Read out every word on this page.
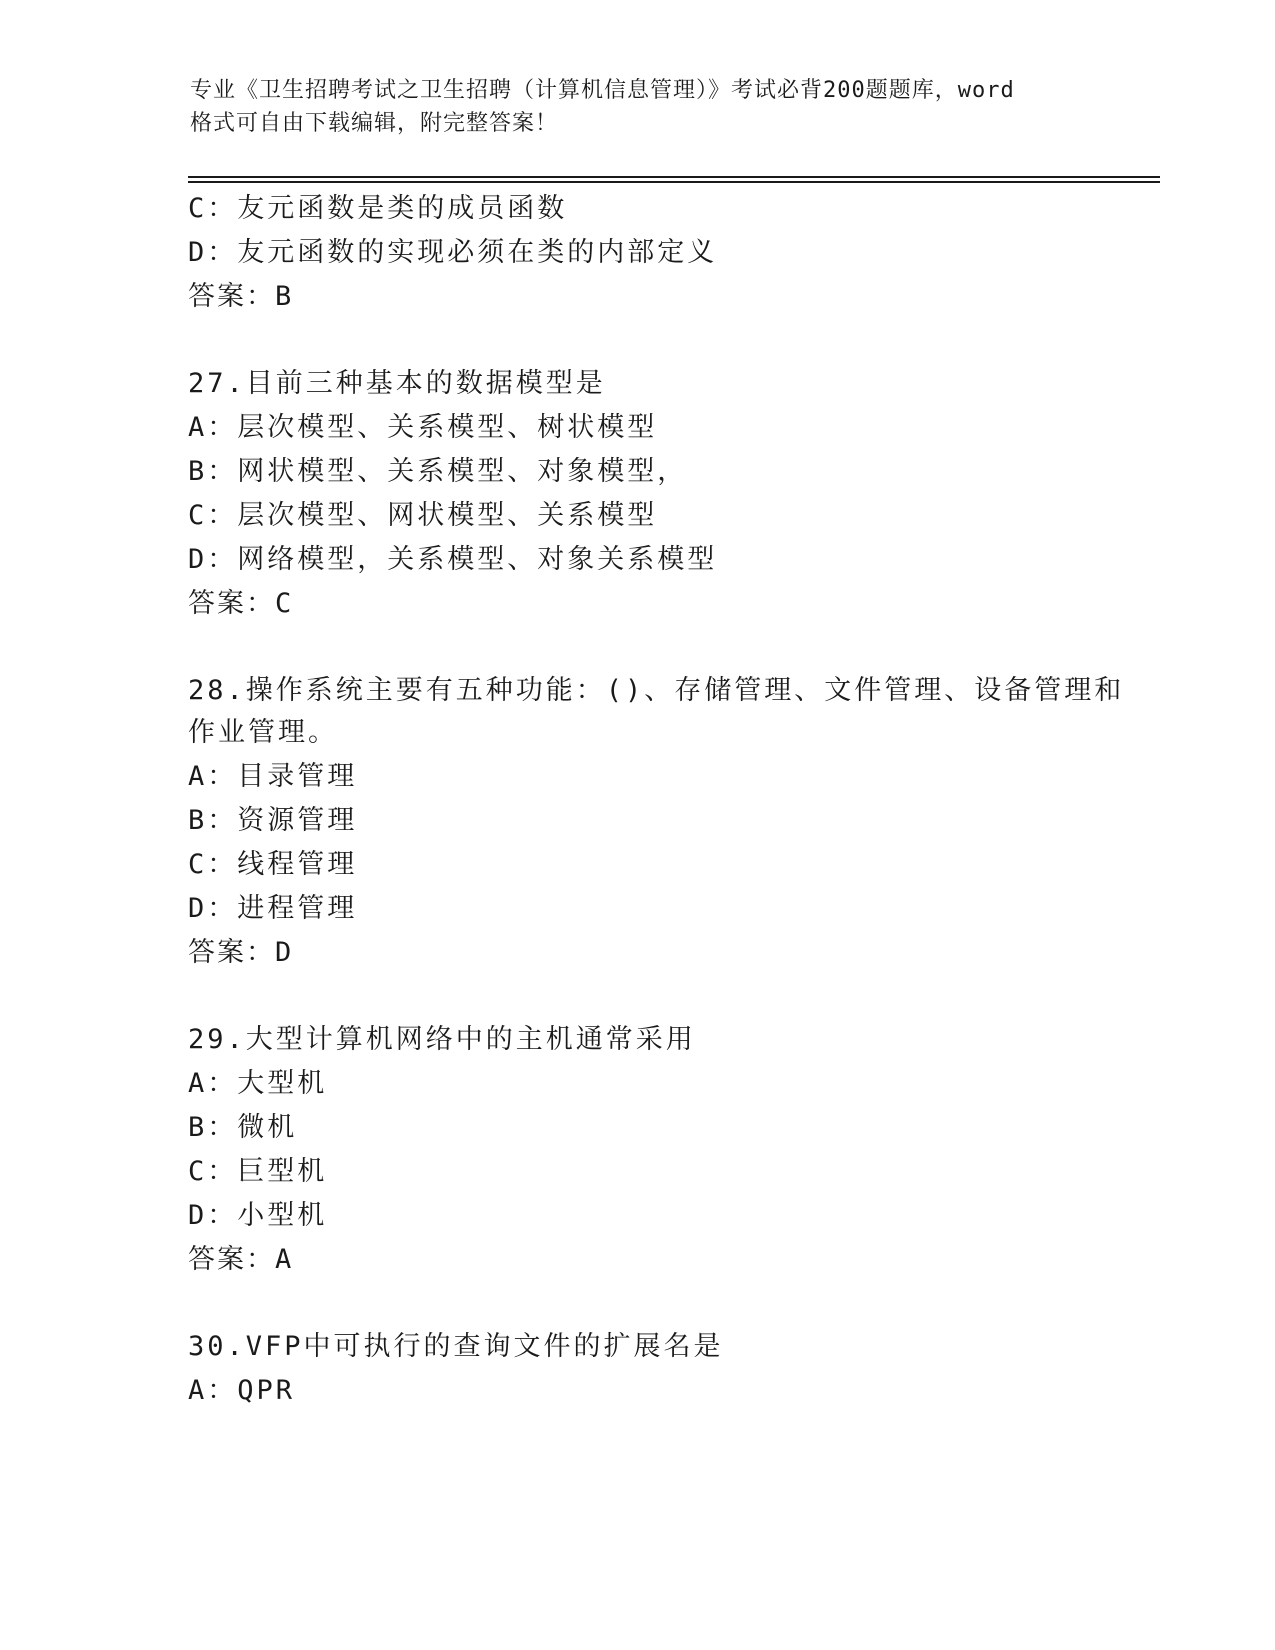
专业《卫生招聘考试之卫生招聘（计算机信息管理）》考试必背200题题库，word
格式可自由下载编辑，附完整答案！
C：友元函数是类的成员函数
D：友元函数的实现必须在类的内部定义
答案：B
27.目前三种基本的数据模型是
A：层次模型、关系模型、树状模型
B：网状模型、关系模型、对象模型，
C：层次模型、网状模型、关系模型
D：网络模型，关系模型、对象关系模型
答案：C
28.操作系统主要有五种功能：()、存储管理、文件管理、设备管理和
作业管理。
A：目录管理
B：资源管理
C：线程管理
D：进程管理
答案：D
29.大型计算机网络中的主机通常采用
A：大型机
B：微机
C：巨型机
D：小型机
答案：A
30.VFP中可执行的查询文件的扩展名是
A：QPR
